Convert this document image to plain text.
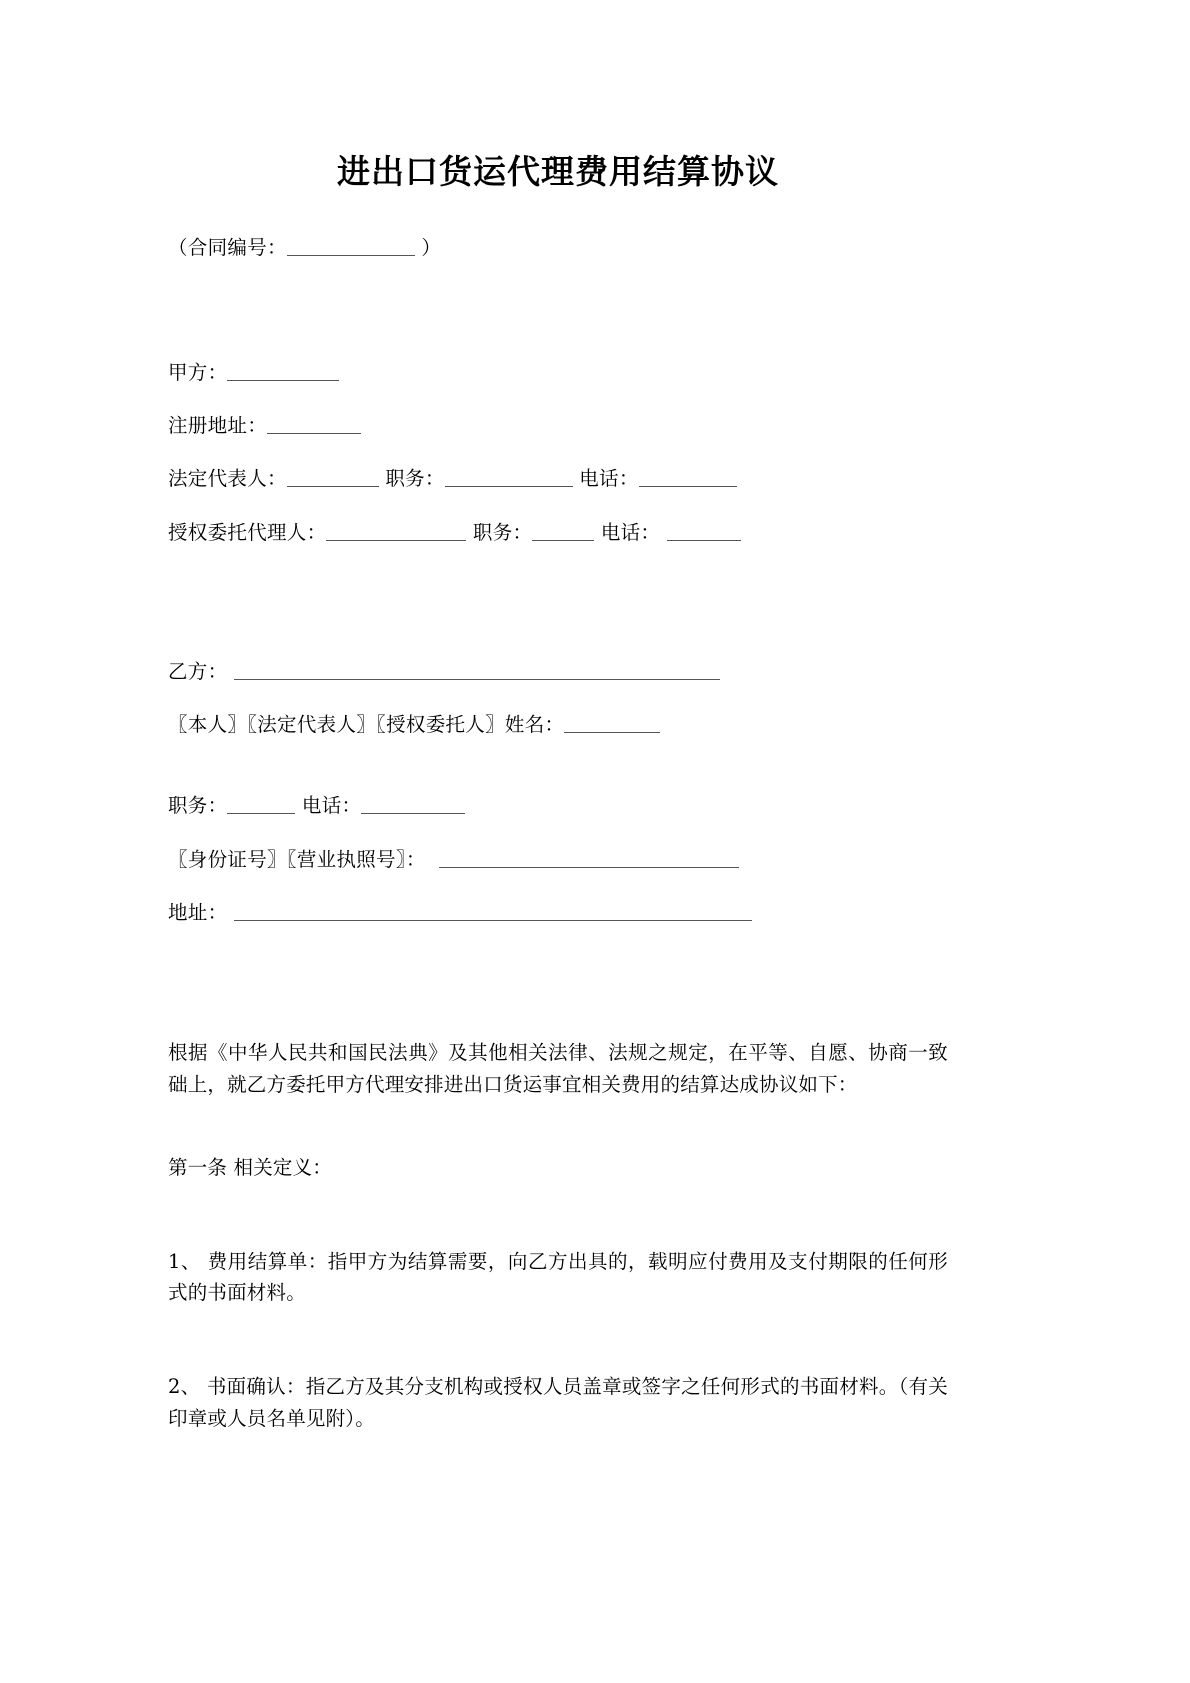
进出口货运代理费用结算协议
（合同编号：	）
甲方：
注册地址：
法定代表人：	职务：	电话：
授权委托代理人：	职务：	电话：
乙方：
〖本人〗〖法定代表人〗〖授权委托人〗姓名：
职务：	电话：
〖身份证号〗〖营业执照号〗：
地址：
根据《中华人民共和国民法典》及其他相关法律、法规之规定，在平等、自愿、协商一致础上，就乙方委托甲方代理安排进出口货运事宜相关费用的结算达成协议如下：
第一条 相关定义：
1、 费用结算单：指甲方为结算需要，向乙方出具的，载明应付费用及支付期限的任何形式的书面材料。
2、 书面确认：指乙方及其分支机构或授权人员盖章或签字之任何形式的书面材料。（有关印章或人员名单见附）。
